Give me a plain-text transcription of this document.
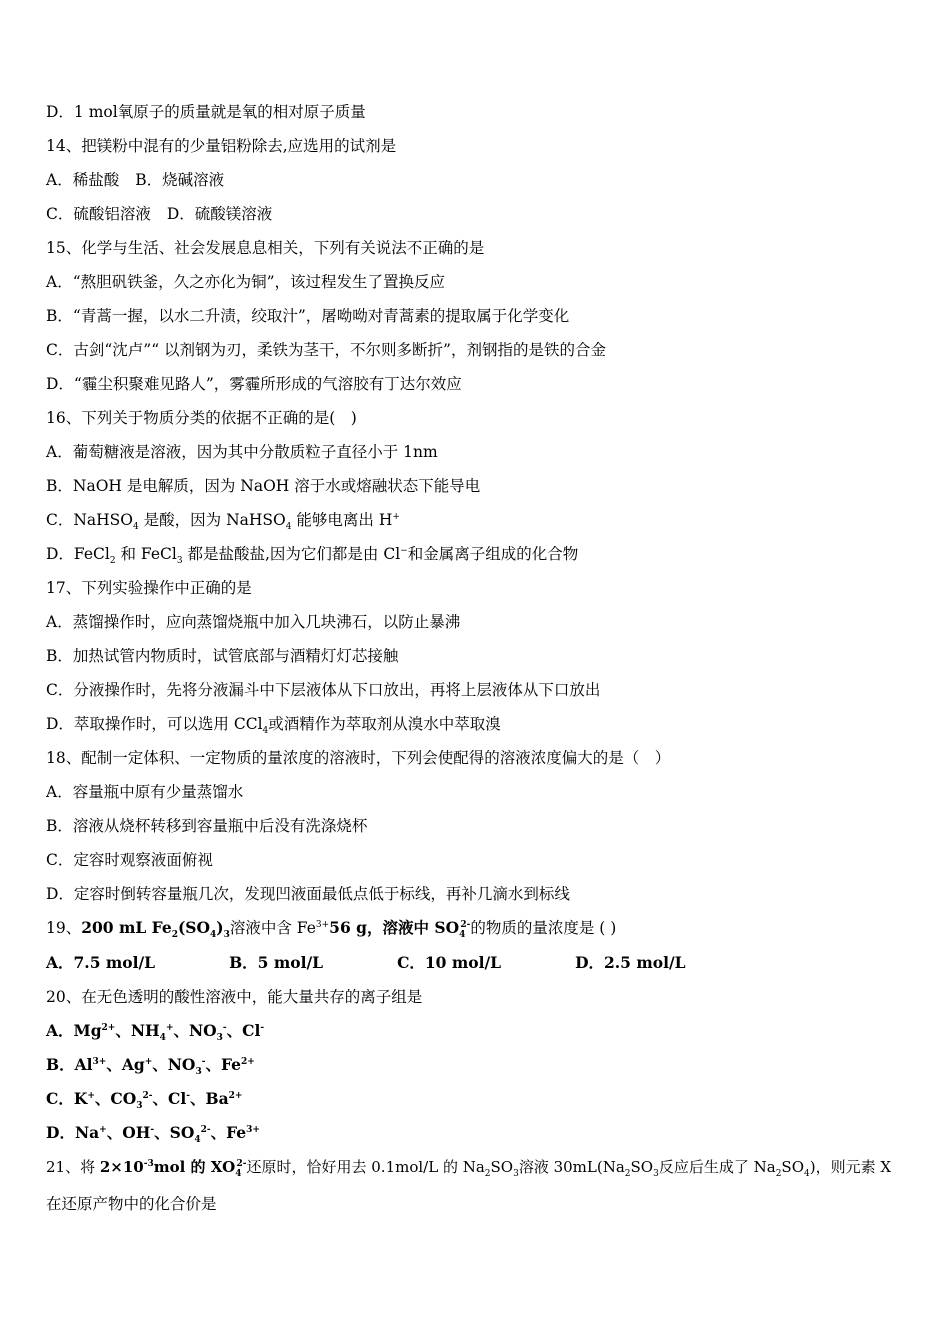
D．1 mol氧原子的质量就是氧的相对原子质量
14、把镁粉中混有的少量铝粉除去,应选用的试剂是
A．稀盐酸 B．烧碱溶液
C．硫酸铝溶液 D．硫酸镁溶液
15、化学与生活、社会发展息息相关，下列有关说法不正确的是
A．“熬胆矾铁釜，久之亦化为铜”，该过程发生了置换反应
B．“青蒿一握，以水二升渍，绞取汁”，屠呦呦对青蒿素的提取属于化学变化
C．古剑“沈卢”“ 以剂钢为刃，柔铁为茎干，不尔则多断折”，剂钢指的是铁的合金
D．“霾尘积聚难见路人”，雾霾所形成的气溶胶有丁达尔效应
16、下列关于物质分类的依据不正确的是(　)
A．葡萄糖液是溶液，因为其中分散质粒子直径小于 1nm
B．NaOH 是电解质，因为 NaOH 溶于水或熔融状态下能导电
C．NaHSO$_4$ 是酸，因为 NaHSO$_4$ 能够电离出 H+
D．FeCl$_2$ 和 FeCl$_3$ 都是盐酸盐,因为它们都是由 Cl−和金属离子组成的化合物
17、下列实验操作中正确的是
A．蒸馏操作时，应向蒸馏烧瓶中加入几块沸石，以防止暴沸
B．加热试管内物质时，试管底部与酒精灯灯芯接触
C．分液操作时，先将分液漏斗中下层液体从下口放出，再将上层液体从下口放出
D．萃取操作时，可以选用 CCl$_4$或酒精作为萃取剂从溴水中萃取溴
18、配制一定体积、一定物质的量浓度的溶液时，下列会使配得的溶液浓度偏大的是（　）
A．容量瓶中原有少量蒸馏水
B．溶液从烧杯转移到容量瓶中后没有洗涤烧杯
C．定容时观察液面俯视
D．定容时倒转容量瓶几次，发现凹液面最低点低于标线，再补几滴水到标线
19、200 mL $Fe_2(SO_4)_3$溶液中含 $Fe^{3+}56$ g，溶液中 $SO_4^{2-}$的物质的量浓度是 ( )
A．7.5 mol/L	B．5 mol/L	C．10 mol/L	D．2.5 mol/L
20、在无色透明的酸性溶液中，能大量共存的离子组是
A．$Mg^{2+}$、$NH_4^+$、$NO_3^-$、Cl-
B．$Al^{3+}$、Ag+、$NO_3^-$、$Fe^{2+}$
C．K+、$CO_3^{2-}$、Cl-、$Ba^{2+}$
D．Na+、OH-、$SO_4^{2-}$、$Fe^{3+}$
21、将 $2\times 10^{-3}mol$ 的 $XO_4^{2-}$还原时，恰好用去 0.1mol/L 的 $Na_2SO_3$溶液 $30mL(Na_2SO_3$反应后生成了 $Na_2SO_4$)，则元素 X
在还原产物中的化合价是
